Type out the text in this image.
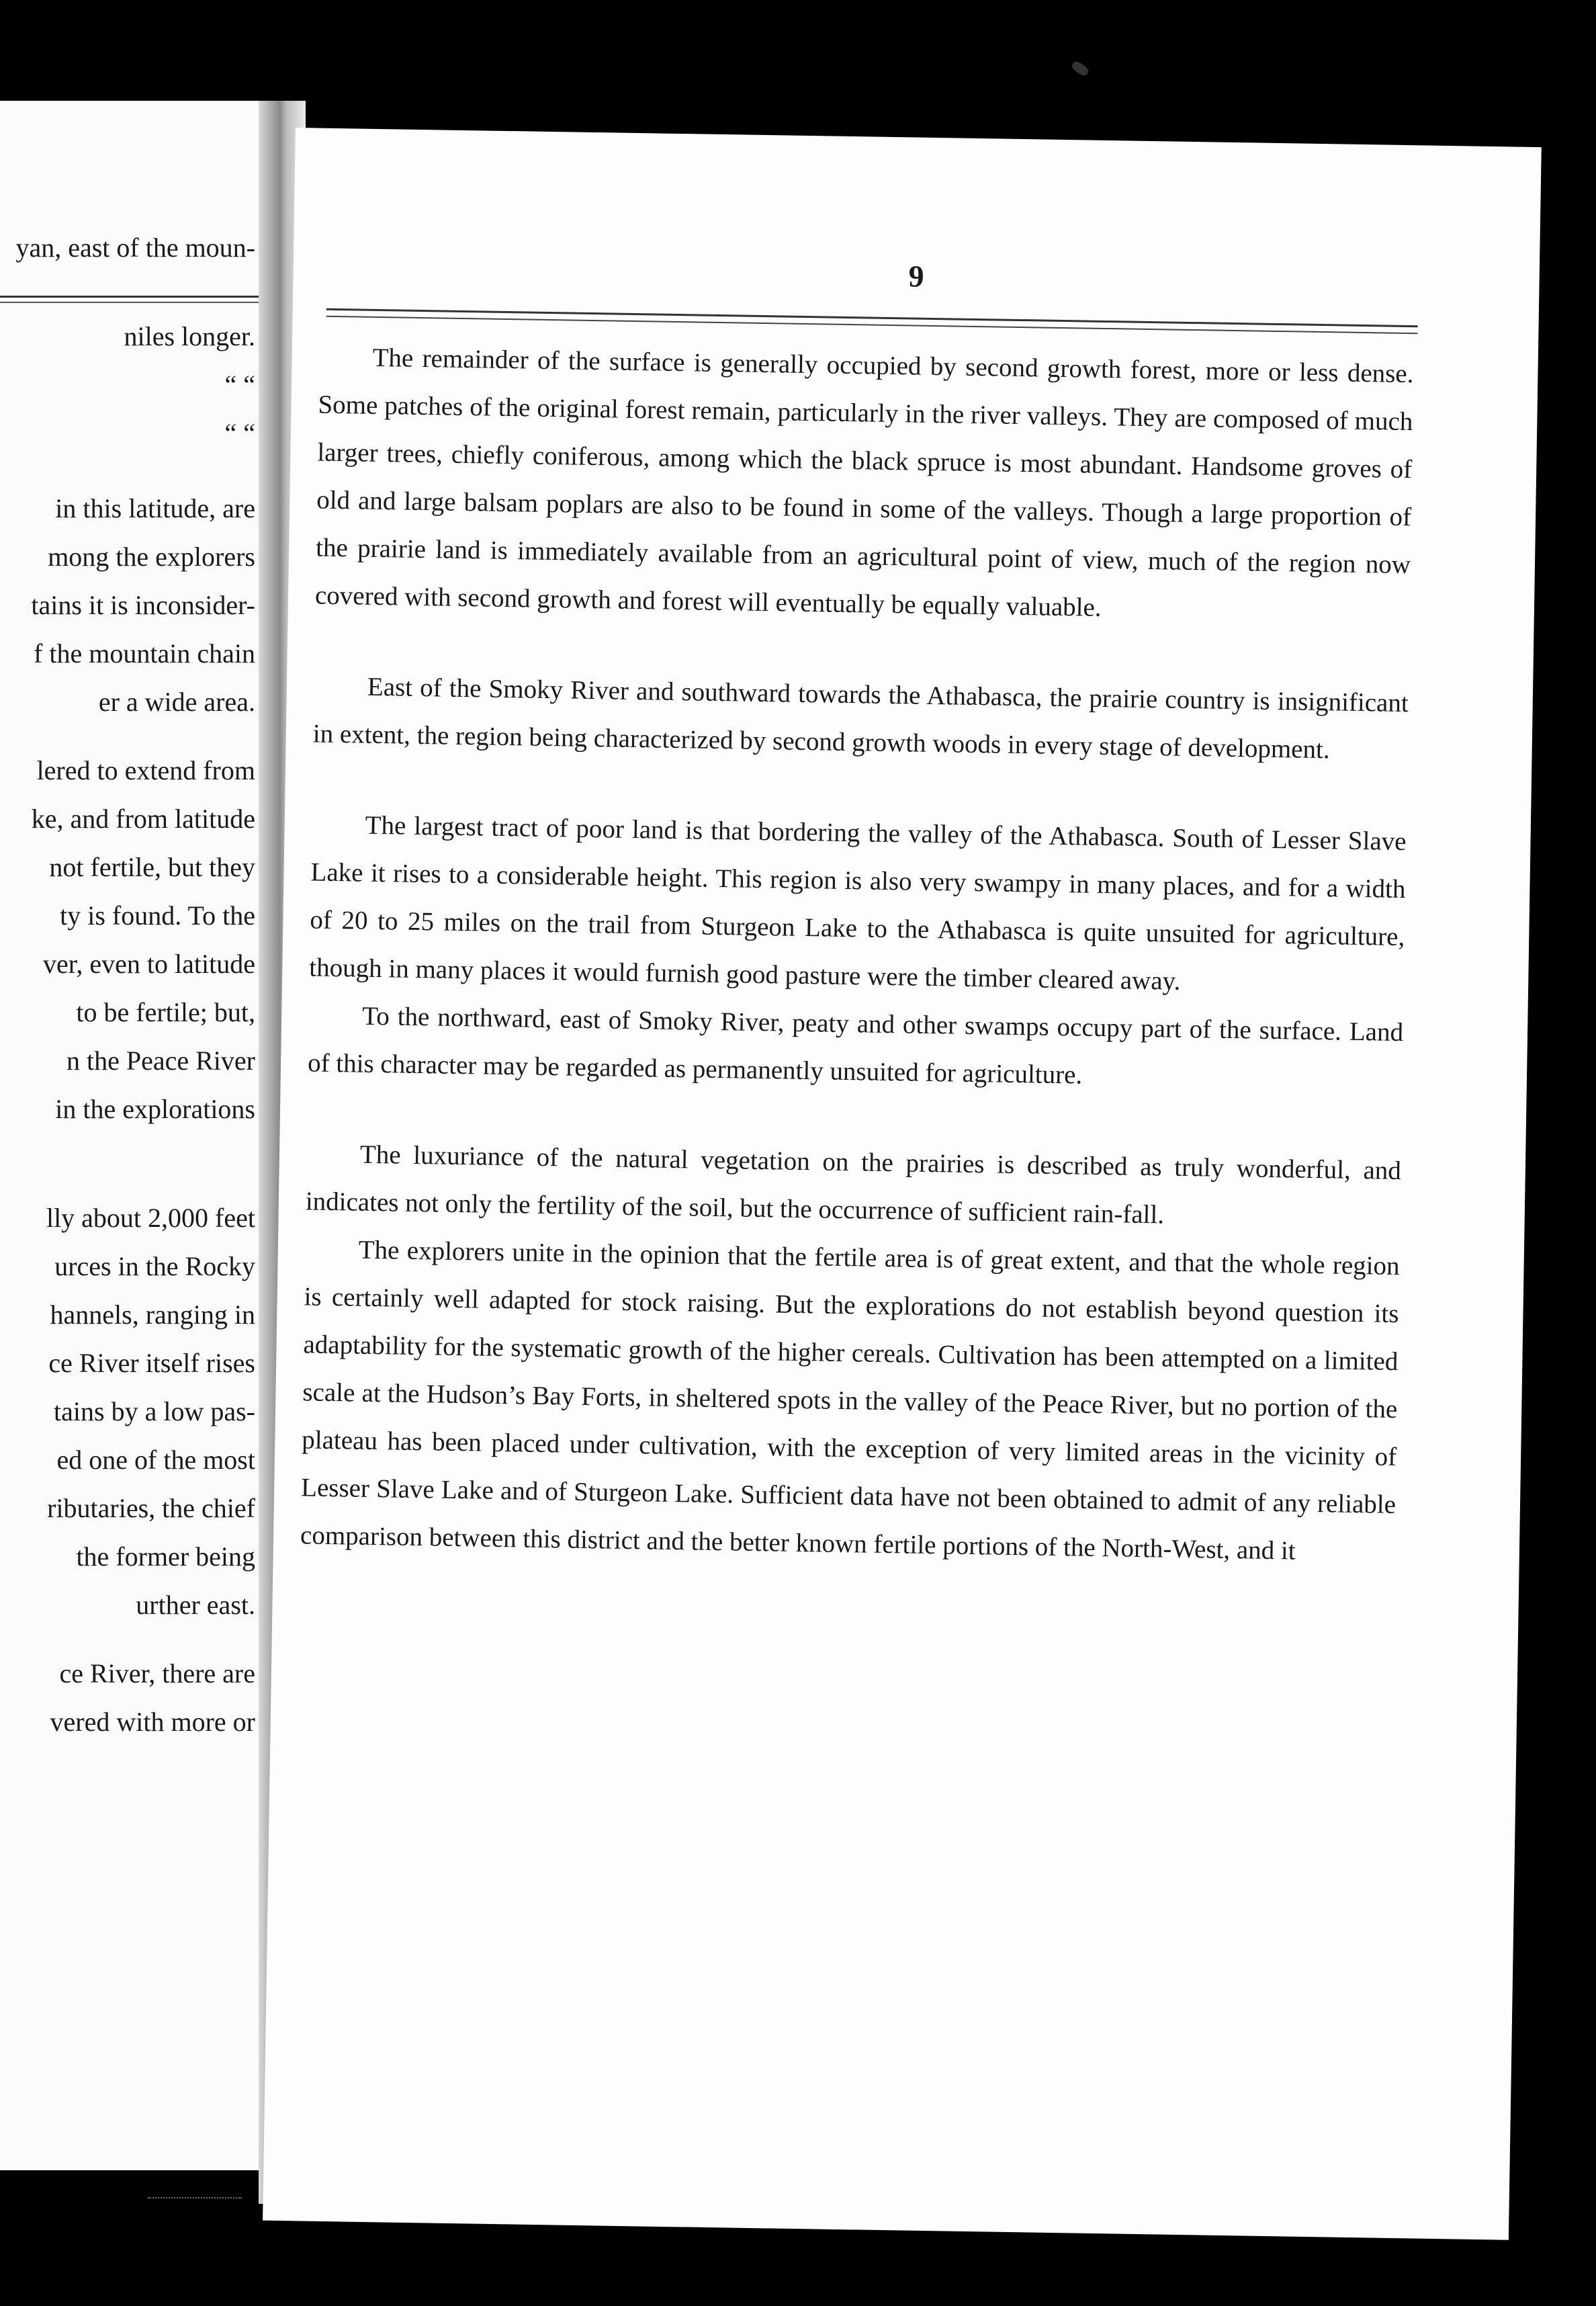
yan, east of the moun-
niles longer.
“ “
“ “
in this latitude, are
mong the explorers
tains it is inconsider-
f the mountain chain
er a wide area.
lered to extend from
ke, and from latitude
not fertile, but they
ty is found. To the
ver, even to latitude
to be fertile; but,
n the Peace River
in the explorations
lly about 2,000 feet
urces in the Rocky
hannels, ranging in
ce River itself rises
tains by a low pas-
ed one of the most
ributaries, the chief
the former being
urther east.
ce River, there are
vered with more or
9

The remainder of the surface is generally occupied by second growth forest, more or less dense. Some patches of the original forest remain, particularly in the river valleys. They are composed of much larger trees, chiefly coniferous, among which the black spruce is most abundant. Handsome groves of old and large balsam poplars are also to be found in some of the valleys. Though a large proportion of the prairie land is immediately available from an agricultural point of view, much of the region now covered with second growth and forest will eventually be equally valuable.

East of the Smoky River and southward towards the Athabasca, the prairie country is insignificant in extent, the region being characterized by second growth woods in every stage of development.

The largest tract of poor land is that bordering the valley of the Athabasca. South of Lesser Slave Lake it rises to a considerable height. This region is also very swampy in many places, and for a width of 20 to 25 miles on the trail from Sturgeon Lake to the Athabasca is quite unsuited for agriculture, though in many places it would furnish good pasture were the timber cleared away.

To the northward, east of Smoky River, peaty and other swamps occupy part of the surface. Land of this character may be regarded as permanently unsuited for agriculture.

The luxuriance of the natural vegetation on the prairies is described as truly wonderful, and indicates not only the fertility of the soil, but the occurrence of sufficient rain-fall.

The explorers unite in the opinion that the fertile area is of great extent, and that the whole region is certainly well adapted for stock raising. But the explorations do not establish beyond question its adaptability for the systematic growth of the higher cereals. Cultivation has been attempted on a limited scale at the Hudson’s Bay Forts, in sheltered spots in the valley of the Peace River, but no portion of the plateau has been placed under cultivation, with the exception of very limited areas in the vicinity of Lesser Slave Lake and of Sturgeon Lake. Sufficient data have not been obtained to admit of any reliable comparison between this district and the better known fertile portions of the North-West, and it
